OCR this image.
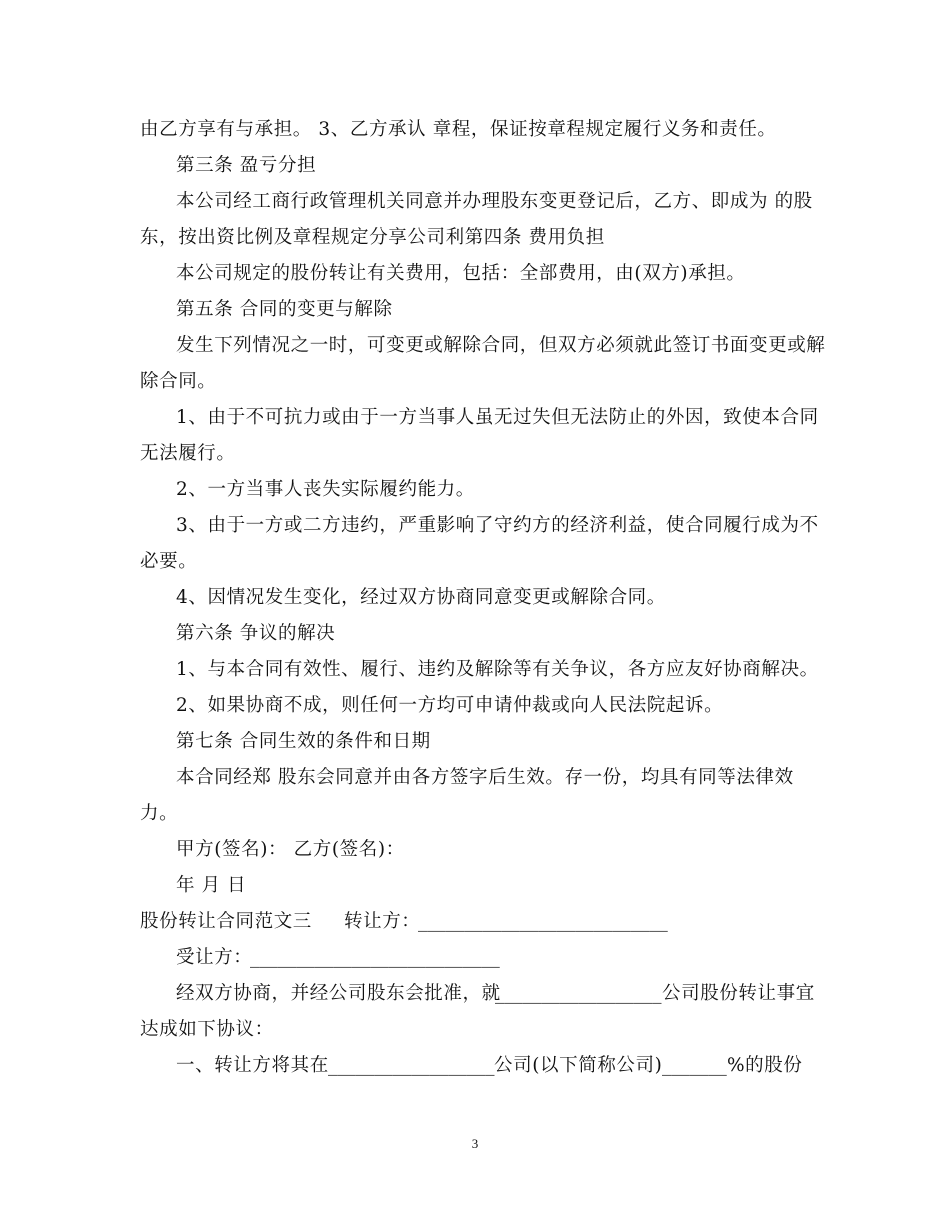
由乙方享有与承担。 3、乙方承认 章程，保证按章程规定履行义务和责任。
第三条 盈亏分担
本公司经工商行政管理机关同意并办理股东变更登记后，乙方、即成为 的股
东，按出资比例及章程规定分享公司利第四条 费用负担
本公司规定的股份转让有关费用，包括：全部费用，由(双方)承担。
第五条 合同的变更与解除
发生下列情况之一时，可变更或解除合同，但双方必须就此签订书面变更或解
除合同。
1、由于不可抗力或由于一方当事人虽无过失但无法防止的外因，致使本合同
无法履行。
2、一方当事人丧失实际履约能力。
3、由于一方或二方违约，严重影响了守约方的经济利益，使合同履行成为不
必要。
4、因情况发生变化，经过双方协商同意变更或解除合同。
第六条 争议的解决
1、与本合同有效性、履行、违约及解除等有关争议，各方应友好协商解决。
2、如果协商不成，则任何一方均可申请仲裁或向人民法院起诉。
第七条 合同生效的条件和日期
本合同经郑 股东会同意并由各方签字后生效。存一份，均具有同等法律效
力。
甲方(签名)： 乙方(签名)：
年 月 日
股份转让合同范文三 转让方：
___________________________
受让方：
___________________________
经双方协商，并经公司股东会批准，就
__________________ 公司股份转让事宜
达成如下协议：
一、转让方将其在 __________________ 公司(以下简称公司) _______ %的股份
3
